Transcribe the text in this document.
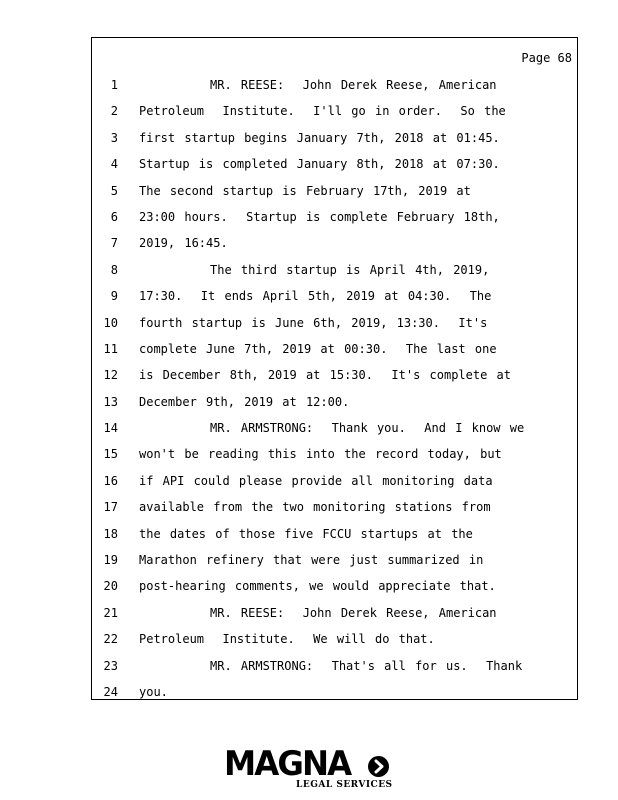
Page 68
1	MR. REESE:  John Derek Reese, American
2 Petroleum  Institute.  I'll go in order.  So the
3 first startup begins January 7th, 2018 at 01:45.
4 Startup is completed January 8th, 2018 at 07:30.
5 The second startup is February 17th, 2019 at
6 23:00 hours.  Startup is complete February 18th,
7 2019, 16:45.
8	The third startup is April 4th, 2019,
9 17:30.  It ends April 5th, 2019 at 04:30.  The
10 fourth startup is June 6th, 2019, 13:30.  It's
11 complete June 7th, 2019 at 00:30.  The last one
12 is December 8th, 2019 at 15:30.  It's complete at
13 December 9th, 2019 at 12:00.
14	MR. ARMSTRONG:  Thank you.  And I know we
15 won't be reading this into the record today, but
16 if API could please provide all monitoring data
17 available from the two monitoring stations from
18 the dates of those five FCCU startups at the
19 Marathon refinery that were just summarized in
20 post-hearing comments, we would appreciate that.
21	MR. REESE:  John Derek Reese, American
22 Petroleum  Institute.  We will do that.
23	MR. ARMSTRONG:  That's all for us.  Thank
24 you.
MAGNA
LEGAL SERVICES
